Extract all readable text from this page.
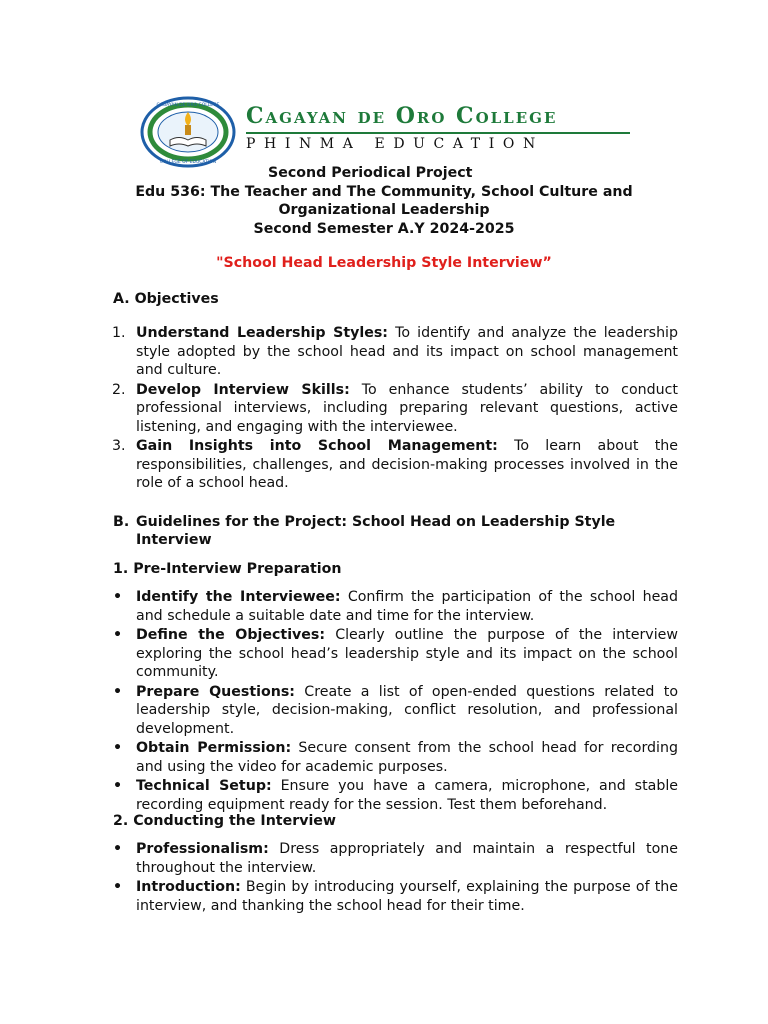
CAGAYAN DE ORO COLLEGE
COLLEGE OF EDUCATION
Cagayan de Oro College
PHINMA EDUCATION
Second Periodical Project
Edu 536: The Teacher and The Community, School Culture and
Organizational Leadership
Second Semester A.Y 2024-2025
"School Head Leadership Style Interview”
A. Objectives
1. Understand Leadership Styles: To identify and analyze the leadership style adopted by the school head and its impact on school management and culture.
2. Develop Interview Skills: To enhance students’ ability to conduct professional interviews, including preparing relevant questions, active listening, and engaging with the interviewee.
3. Gain Insights into School Management: To learn about the responsibilities, challenges, and decision-making processes involved in the role of a school head.
B. Guidelines for the Project: School Head on Leadership Style Interview
1. Pre-Interview Preparation
• Identify the Interviewee: Confirm the participation of the school head and schedule a suitable date and time for the interview.
• Define the Objectives: Clearly outline the purpose of the interview exploring the school head’s leadership style and its impact on the school community.
• Prepare Questions: Create a list of open-ended questions related to leadership style, decision-making, conflict resolution, and professional development.
• Obtain Permission: Secure consent from the school head for recording and using the video for academic purposes.
• Technical Setup: Ensure you have a camera, microphone, and stable recording equipment ready for the session. Test them beforehand.
2. Conducting the Interview
• Professionalism: Dress appropriately and maintain a respectful tone throughout the interview.
• Introduction: Begin by introducing yourself, explaining the purpose of the interview, and thanking the school head for their time.
